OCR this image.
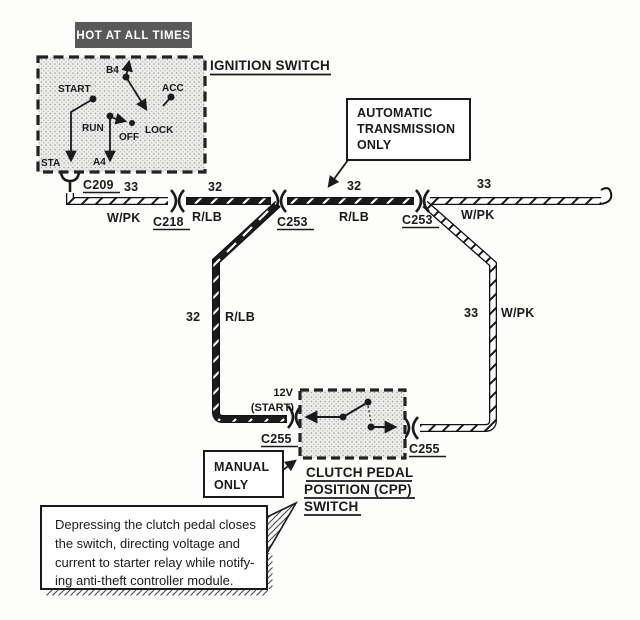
HOT AT ALL TIMES
IGNITION SWITCH
B4
START	ACC
RUN
OFF
LOCK
STA	A4
C209 33
W/PK C218
32
R/LB	C253
32
R/LB	C253
33
W/PK
32 R/LB	33 W/PK
12V
(START)
C255
C255
AUTOMATIC
TRANSMISSION
ONLY
MANUAL
ONLY
CLUTCH PEDAL
POSITION (CPP)
SWITCH
Depressing the clutch pedal closes
the switch, directing voltage and
current to starter relay while notify-
ing anti-theft controller module.
